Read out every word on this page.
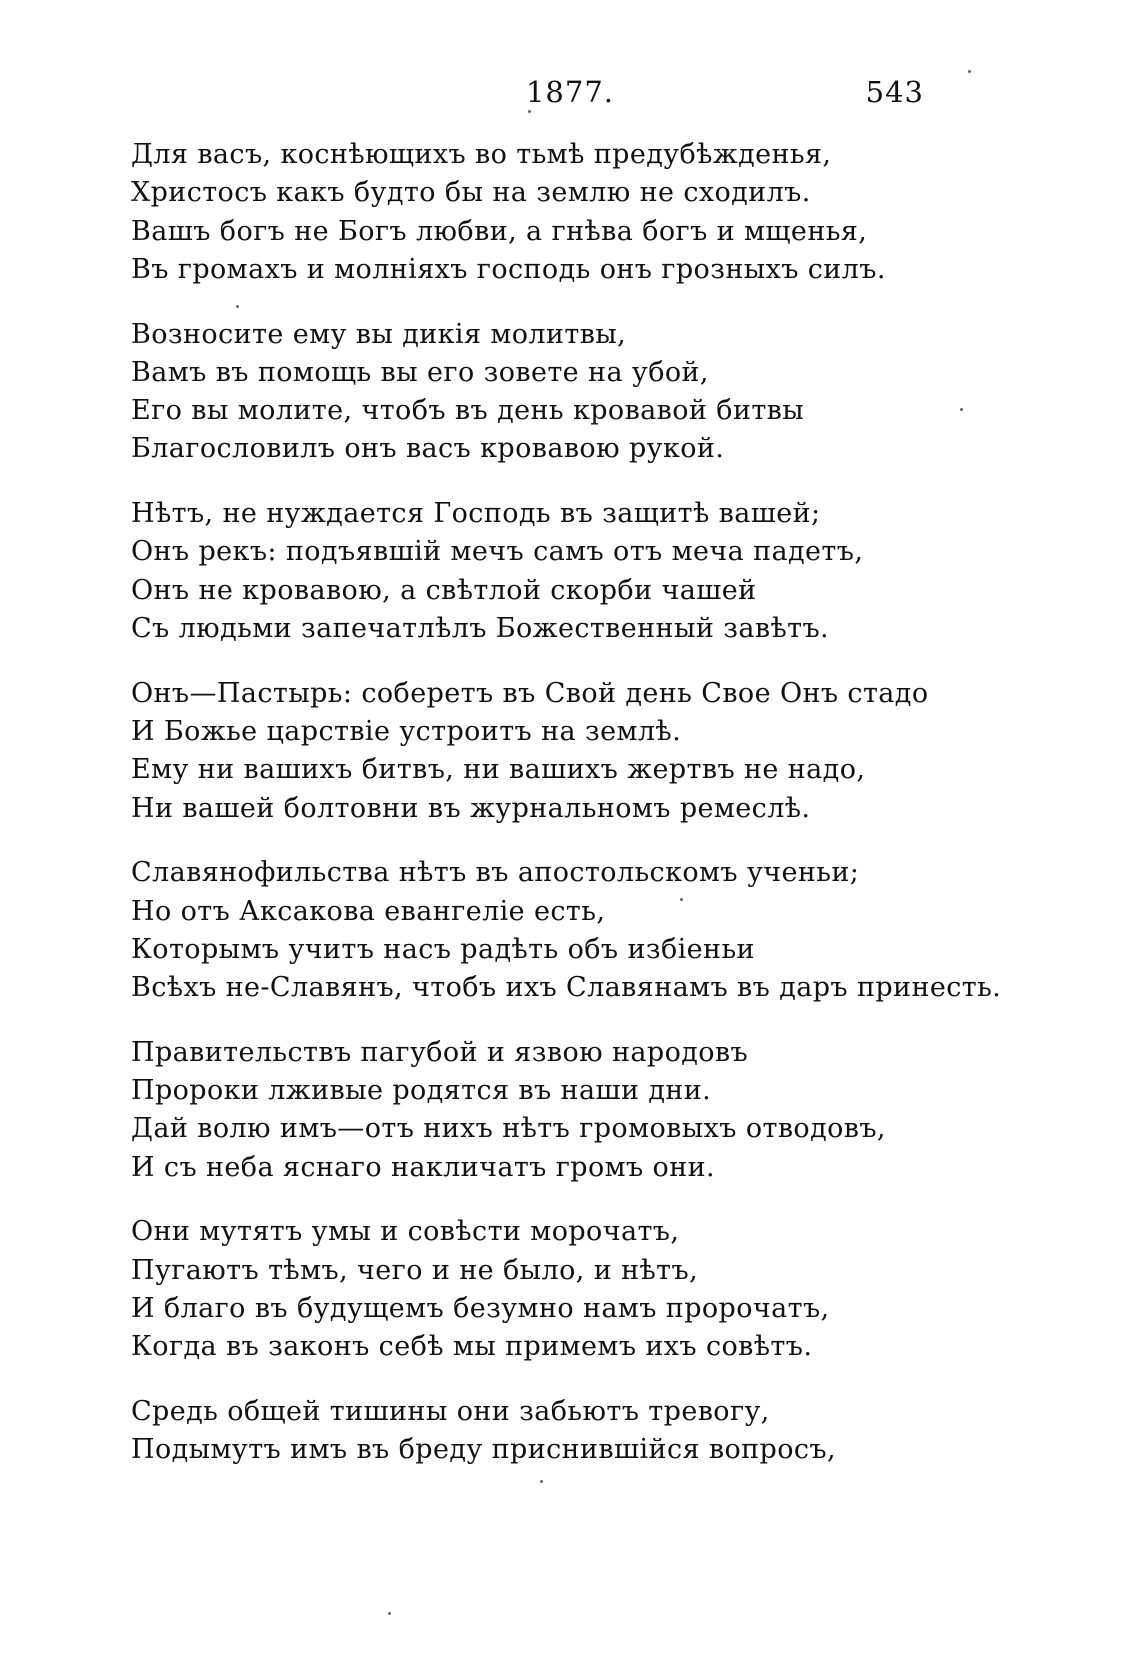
1877.	543
Для васъ, коснѣющихъ во тьмѣ предубѣжденья,
Христосъ какъ будто бы на землю не сходилъ.
Вашъ богъ не Богъ любви, а гнѣва богъ и мщенья,
Въ громахъ и молніяхъ господь онъ грозныхъ силъ.
Возносите ему вы дикія молитвы,
Вамъ въ помощь вы его зовете на убой,
Его вы молите, чтобъ въ день кровавой битвы
Благословилъ онъ васъ кровавою рукой.
Нѣтъ, не нуждается Господь въ защитѣ вашей;
Онъ рекъ: подъявшій мечъ самъ отъ меча падетъ,
Онъ не кровавою, а свѣтлой скорби чашей
Съ людьми запечатлѣлъ Божественный завѣтъ.
Онъ—Пастырь: соберетъ въ Свой день Свое Онъ стадо
И Божье царствіе устроитъ на землѣ.
Ему ни вашихъ битвъ, ни вашихъ жертвъ не надо,
Ни вашей болтовни въ журнальномъ ремеслѣ.
Славянофильства нѣтъ въ апостольскомъ ученьи;
Но отъ Аксакова евангеліе есть,
Которымъ учитъ насъ радѣть объ избіеньи
Всѣхъ не-Славянъ, чтобъ ихъ Славянамъ въ даръ принесть.
Правительствъ пагубой и язвою народовъ
Пророки лживые родятся въ наши дни.
Дай волю имъ—отъ нихъ нѣтъ громовыхъ отводовъ,
И съ неба яснаго накличатъ громъ они.
Они мутятъ умы и совѣсти морочатъ,
Пугаютъ тѣмъ, чего и не было, и нѣтъ,
И благо въ будущемъ безумно намъ пророчатъ,
Когда въ законъ себѣ мы примемъ ихъ совѣтъ.
Средь общей тишины они забьютъ тревогу,
Подымутъ имъ въ бреду приснившійся вопросъ,
